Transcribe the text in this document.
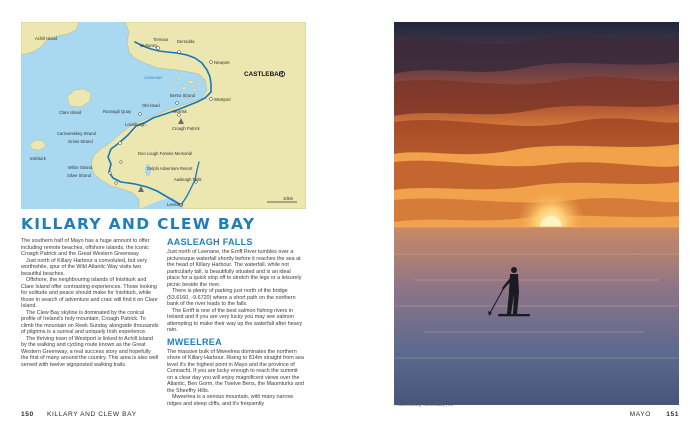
Achill Island	Tiernaur Derradda
Mulranny
Newport
CASTLEBAR
CLEW BAY
Bertra Strand
Old Head
Westport
Murrisk
Croagh Patrick
Clare Island	Roonagh Quay
Louisburgh
Carrowniskey Strand
Gross Strand
Inishturk
Doo Lough Famine Memorial
Delphi Adventure Resort
White Strand
Silver Strand
Aasleagh Falls
Leenane
10km
KILLARY AND CLEW BAY

The southern half of Mayo has a huge amount to offer including remote beaches, offshore islands, the iconic Croagh Patrick and the Great Western Greenway.

Just north of Killary Harbour a convoluted, but very worthwhile, spur of the Wild Atlantic Way visits two beautiful beaches.

Offshore, the neighbouring islands of Inishturk and Clare Island offer contrasting experiences. Those looking for solitude and peace should make for Inishturk, while those in search of adventure and craic will find it on Clare Island.

The Clew Bay skyline is dominated by the conical profile of Ireland's holy mountain, Croagh Patrick. To climb the mountain on Reek Sunday alongside thousands of pilgrims is a surreal and uniquely Irish experience.

The thriving town of Westport is linked to Achill Island by the walking and cycling route known as the Great Western Greenway, a real success story and hopefully the first of many around the country. This area is also well served with twelve signposted walking trails.

AASLEAGH FALLS

Just north of Leenane, the Erriff River tumbles over a picturesque waterfall shortly before it reaches the sea at the head of Killary Harbour. The waterfall, while not particularly tall, is beautifully situated and is an ideal place for a quick stop off to stretch the legs or a leisurely picnic beside the river.

There is plenty of parking just north of the bridge (53.6160, -9.6720) where a short path on the northern bank of the river leads to the falls.

The Erriff is one of the best salmon fishing rivers in Ireland and if you are very lucky you may see salmon attempting to make their way up the waterfall after heavy rain.

MWEELREA

The massive bulk of Mweelrea dominates the northern shore of Killary Harbour. Rising to 814m straight from sea level it's the highest point in Mayo and the province of Connacht. If you are lucky enough to reach the summit on a clear day you will enjoy magnificent views over the Atlantic, Ben Gorm, the Twelve Bens, the Maumturks and the Sheeffry Hills.

Mweelrea is a serious mountain, with many narrow ridges and steep cliffs, and it's frequently

150 KILLARY AND CLEW BAY
Paddleboarding, Carrowniskey | RC
MAYO 151
